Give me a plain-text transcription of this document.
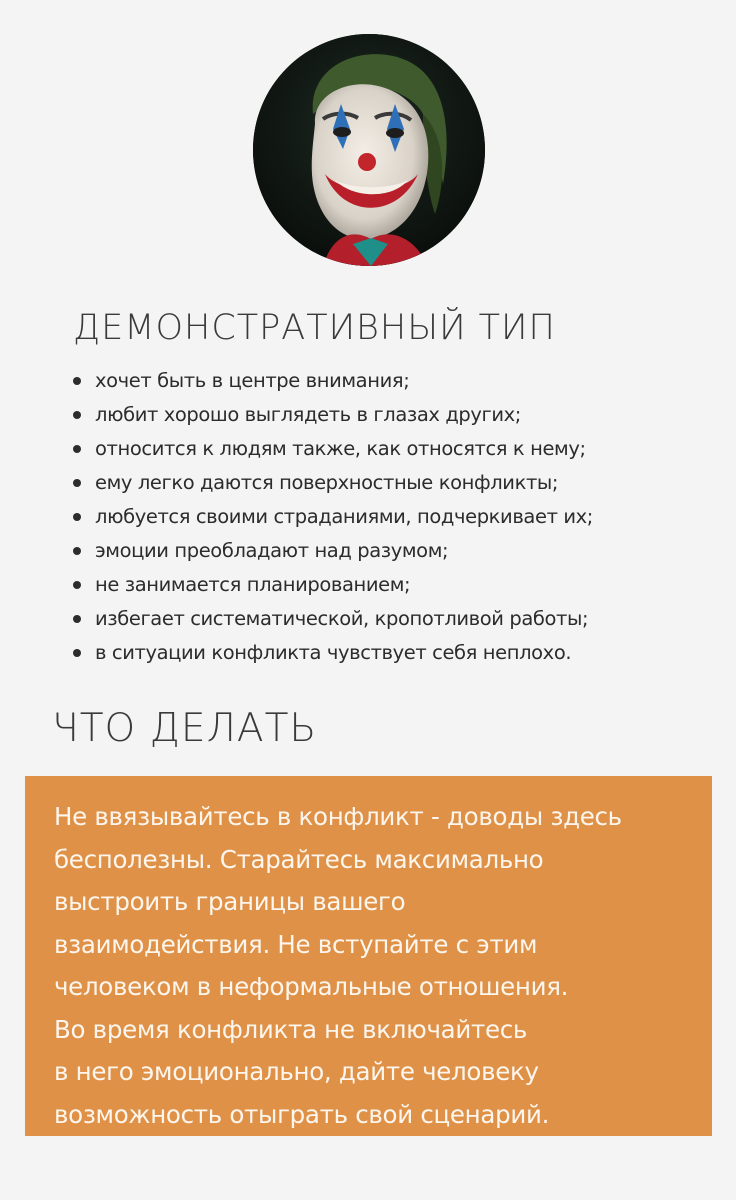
ДЕМОНСТРАТИВНЫЙ ТИП
хочет быть в центре внимания;
любит хорошо выглядеть в глазах других;
относится к людям также, как относятся к нему;
ему легко даются поверхностные конфликты;
любуется своими страданиями, подчеркивает их;
эмоции преобладают над разумом;
не занимается планированием;
избегает систематической, кропотливой работы;
в ситуации конфликта чувствует себя неплохо.
ЧТО ДЕЛАТЬ
Не ввязывайтесь в конфликт - доводы здесь
бесполезны. Старайтесь максимально
выстроить границы вашего
взаимодействия. Не вступайте с этим
человеком в неформальные отношения.
Во время конфликта не включайтесь
в него эмоционально, дайте человеку
возможность отыграть свой сценарий.
